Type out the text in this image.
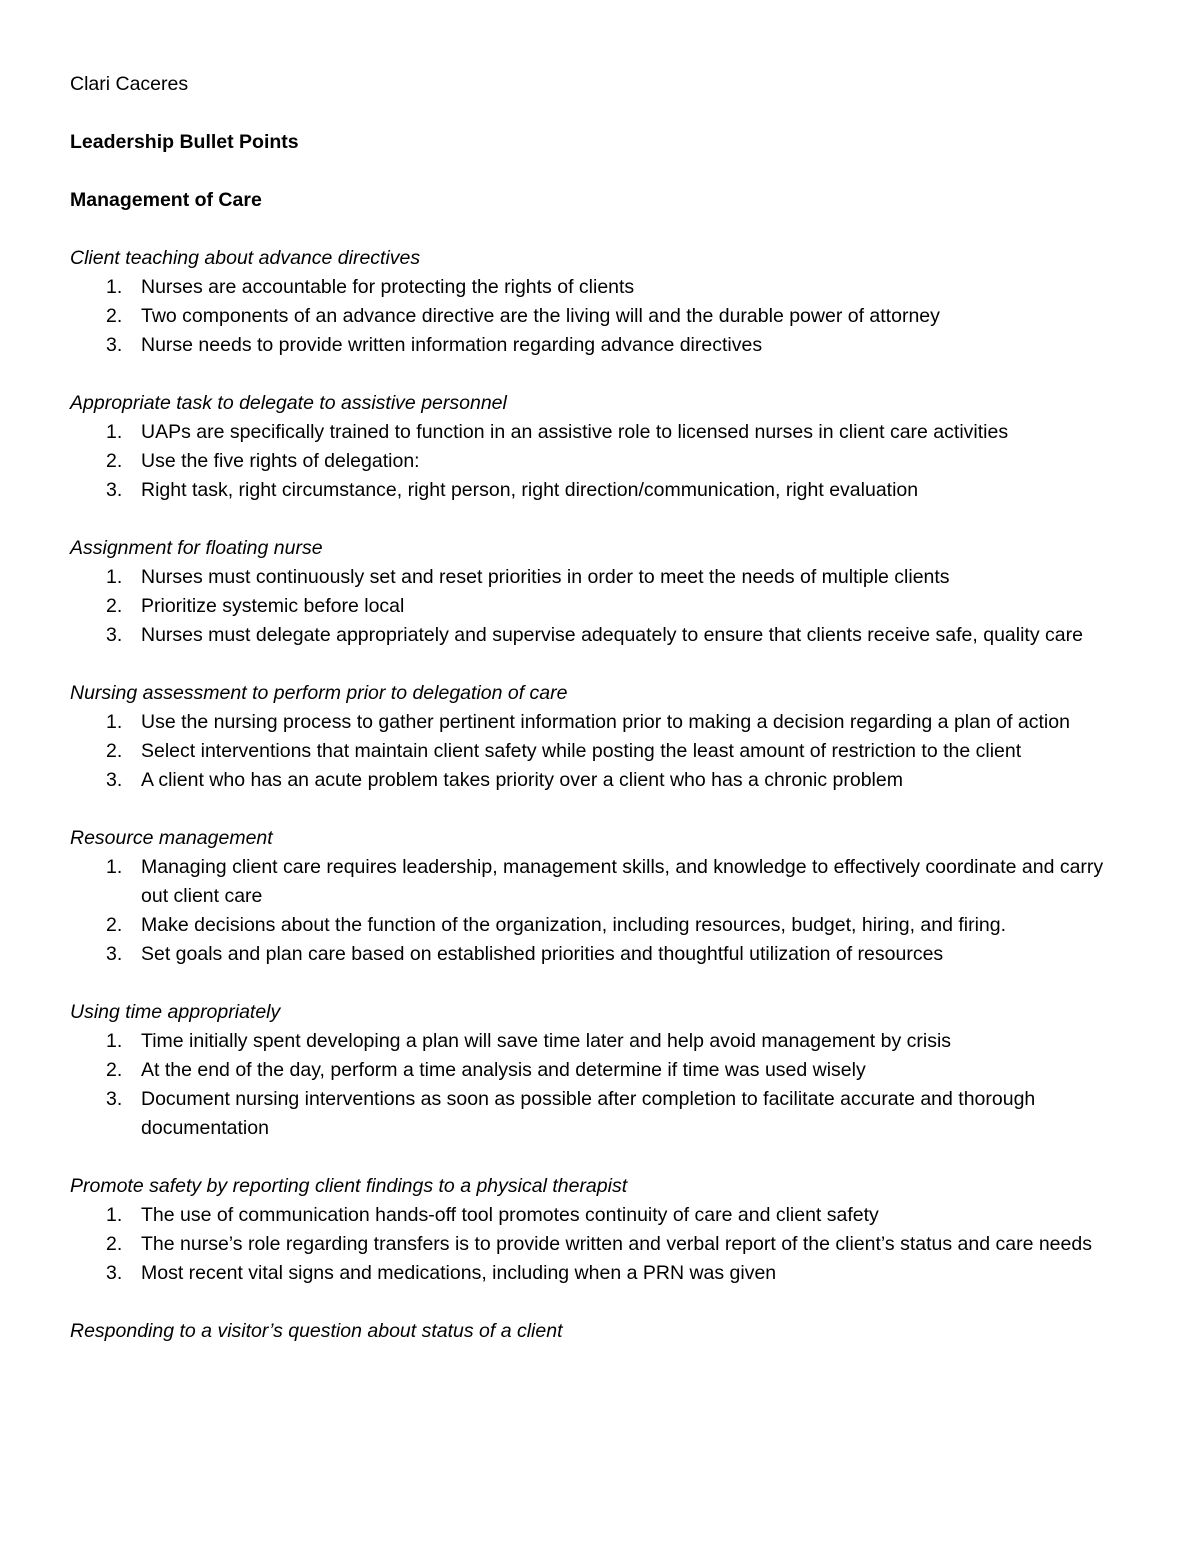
Clari Caceres

Leadership Bullet Points

Management of Care

Client teaching about advance directives

1. Nurses are accountable for protecting the rights of clients
2. Two components of an advance directive are the living will and the durable power of attorney
3. Nurse needs to provide written information regarding advance directives

Appropriate task to delegate to assistive personnel

1. UAPs are specifically trained to function in an assistive role to licensed nurses in client care activities
2. Use the five rights of delegation:
3. Right task, right circumstance, right person, right direction/communication, right evaluation

Assignment for floating nurse

1. Nurses must continuously set and reset priorities in order to meet the needs of multiple clients
2. Prioritize systemic before local
3. Nurses must delegate appropriately and supervise adequately to ensure that clients receive safe, quality care

Nursing assessment to perform prior to delegation of care

1. Use the nursing process to gather pertinent information prior to making a decision regarding a plan of action
2. Select interventions that maintain client safety while posting the least amount of restriction to the client
3. A client who has an acute problem takes priority over a client who has a chronic problem

Resource management

1. Managing client care requires leadership, management skills, and knowledge to effectively coordinate and carry out client care
2. Make decisions about the function of the organization, including resources, budget, hiring, and firing.
3. Set goals and plan care based on established priorities and thoughtful utilization of resources

Using time appropriately

1. Time initially spent developing a plan will save time later and help avoid management by crisis
2. At the end of the day, perform a time analysis and determine if time was used wisely
3. Document nursing interventions as soon as possible after completion to facilitate accurate and thorough documentation

Promote safety by reporting client findings to a physical therapist

1. The use of communication hands-off tool promotes continuity of care and client safety
2. The nurse’s role regarding transfers is to provide written and verbal report of the client’s status and care needs
3. Most recent vital signs and medications, including when a PRN was given

Responding to a visitor’s question about status of a client
